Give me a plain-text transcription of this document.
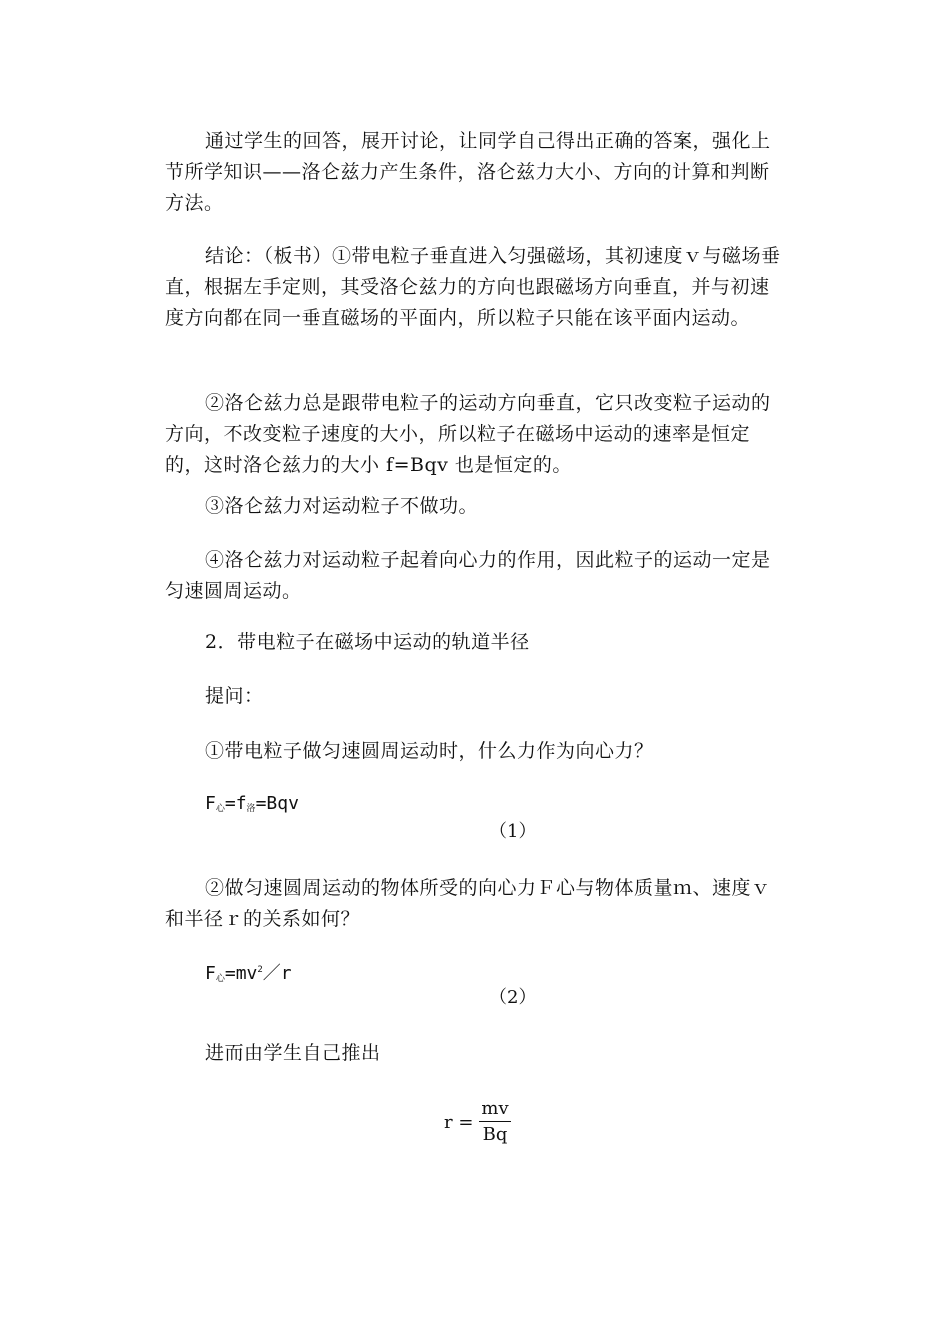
通过学生的回答，展开讨论，让同学自己得出正确的答案，强化上节所学知识——洛仑兹力产生条件，洛仑兹力大小、方向的计算和判断方法。

结论：（板书）①带电粒子垂直进入匀强磁场，其初速度ｖ与磁场垂直，根据左手定则，其受洛仑兹力的方向也跟磁场方向垂直，并与初速度方向都在同一垂直磁场的平面内，所以粒子只能在该平面内运动。

②洛仑兹力总是跟带电粒子的运动方向垂直，它只改变粒子运动的方向，不改变粒子速度的大小，所以粒子在磁场中运动的速率是恒定的，这时洛仑兹力的大小 f=Bqv 也是恒定的。

③洛仑兹力对运动粒子不做功。

④洛仑兹力对运动粒子起着向心力的作用，因此粒子的运动一定是匀速圆周运动。

2．带电粒子在磁场中运动的轨道半径

提问：

①带电粒子做匀速圆周运动时，什么力作为向心力？

$F_心=f_洛=Bqv$
（1）

②做匀速圆周运动的物体所受的向心力Ｆ心与物体质量ｍ、速度ｖ和半径ｒ的关系如何？

$F_心=mv^2/r$
（2）

进而由学生自己推出

$r = \frac{mv}{Bq}$
